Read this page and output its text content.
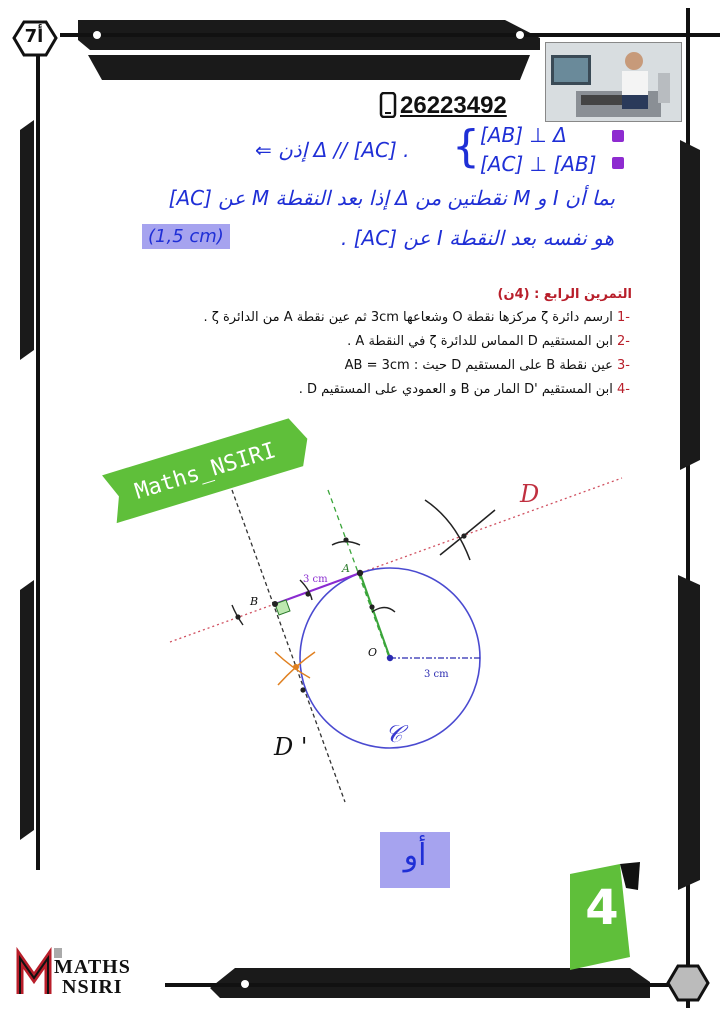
7أ
26223492
[AB] ⊥ Δ
[AC] ⊥ [AB]
{
. [AC] // Δ إذن ⇐
بما أن I و M نقطتين من Δ إذا بعد النقطة M عن [AC]
هو نفسه بعد النقطة I عن [AC] .
(1,5 cm)
التمرين الرابع : (4ن)
-1 ارسم دائرة ζ مركزها نقطة O وشعاعها 3cm ثم عين نقطة A من الدائرة ζ .
-2 ابن المستقيم D المماس للدائرة ζ في النقطة A .
-3 عين نقطة B على المستقيم D حيث : AB = 3cm
-4 ابن المستقيم 'D المار من B و العمودي على المستقيم D .
Maths_NSIRI	D
D '
A
B
O
𝒞
3 cm
3 cm
أو
4
MATHS
NSIRI
